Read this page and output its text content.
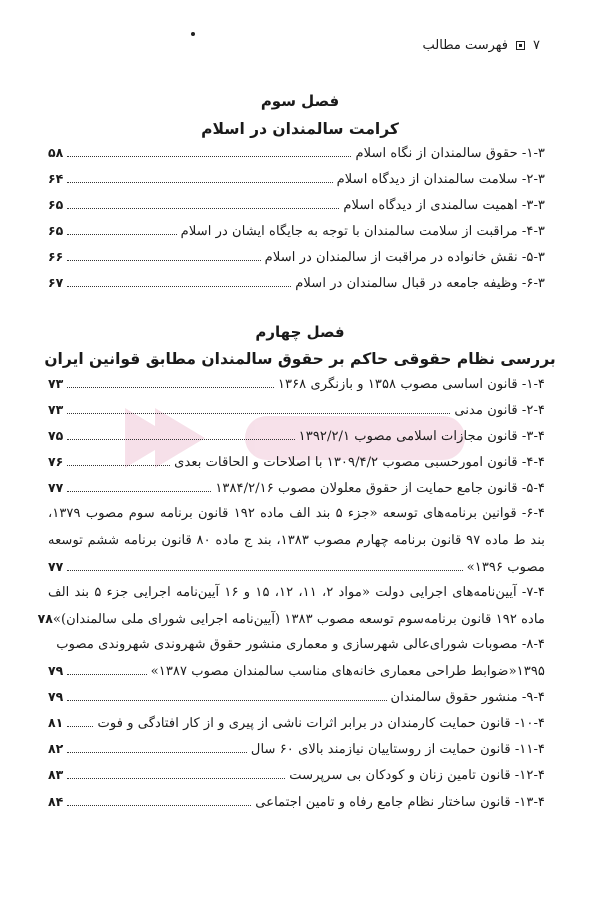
۷
فهرست مطالب
فصل سوم
کرامت سالمندان در اسلام
۱-۳- حقوق سالمندان از نگاه اسلام
۵۸
۲-۳- سلامت سالمندان از دیدگاه اسلام
۶۴
۳-۳- اهمیت سالمندی از دیدگاه اسلام
۶۵
۴-۳- مراقبت از سلامت سالمندان با توجه به جایگاه ایشان در اسلام
۶۵
۵-۳- نقش خانواده در مراقبت از سالمندان در اسلام
۶۶
۶-۳- وظیفه جامعه در قبال سالمندان در اسلام
۶۷
فصل چهارم
بررسی نظام حقوقی حاکم بر حقوق سالمندان مطابق قوانین ایران
۱-۴- قانون اساسی مصوب ۱۳۵۸ و بازنگری ۱۳۶۸
۷۳
۲-۴- قانون مدنی
۷۳
۳-۴- قانون مجازات اسلامی مصوب ۱۳۹۲/۲/۱
۷۵
۴-۴- قانون امورحسبی مصوب ۱۳۰۹/۴/۲ با اصلاحات و الحاقات بعدی
۷۶
۵-۴- قانون جامع حمایت از حقوق معلولان مصوب ۱۳۸۴/۲/۱۶
۷۷
۶-۴- قوانین برنامه‌های توسعه «جزء ۵ بند الف ماده ۱۹۲ قانون برنامه سوم مصوب ۱۳۷۹،
بند ط ماده ۹۷ قانون برنامه چهارم مصوب ۱۳۸۳، بند ج ماده ۸۰ قانون برنامه ششم توسعه
مصوب ۱۳۹۶»
۷۷
۷-۴- آیین‌نامه‌های اجرایی دولت «مواد ۲، ۱۱، ۱۲، ۱۵ و ۱۶ آیین‌نامه اجرایی جزء ۵ بند الف
ماده ۱۹۲ قانون برنامه‌سوم توسعه مصوب ۱۳۸۳ (آیین‌نامه اجرایی شورای ملی سالمندان)»
۷۸
۸-۴- مصوبات شورای‌عالی شهرسازی و معماری منشور حقوق شهروندی شهروندی مصوب
۱۳۹۵«ضوابط طراحی معماری خانه‌های مناسب سالمندان مصوب ۱۳۸۷»
۷۹
۹-۴- منشور حقوق سالمندان
۷۹
۱۰-۴- قانون حمایت کارمندان در برابر اثرات ناشی از پیری و از کار افتادگی و فوت
۸۱
۱۱-۴- قانون حمایت از روستاییان نیازمند بالای ۶۰ سال
۸۲
۱۲-۴- قانون تامین زنان و کودکان بی سرپرست
۸۳
۱۳-۴- قانون ساختار نظام جامع رفاه و تامین اجتماعی
۸۴
